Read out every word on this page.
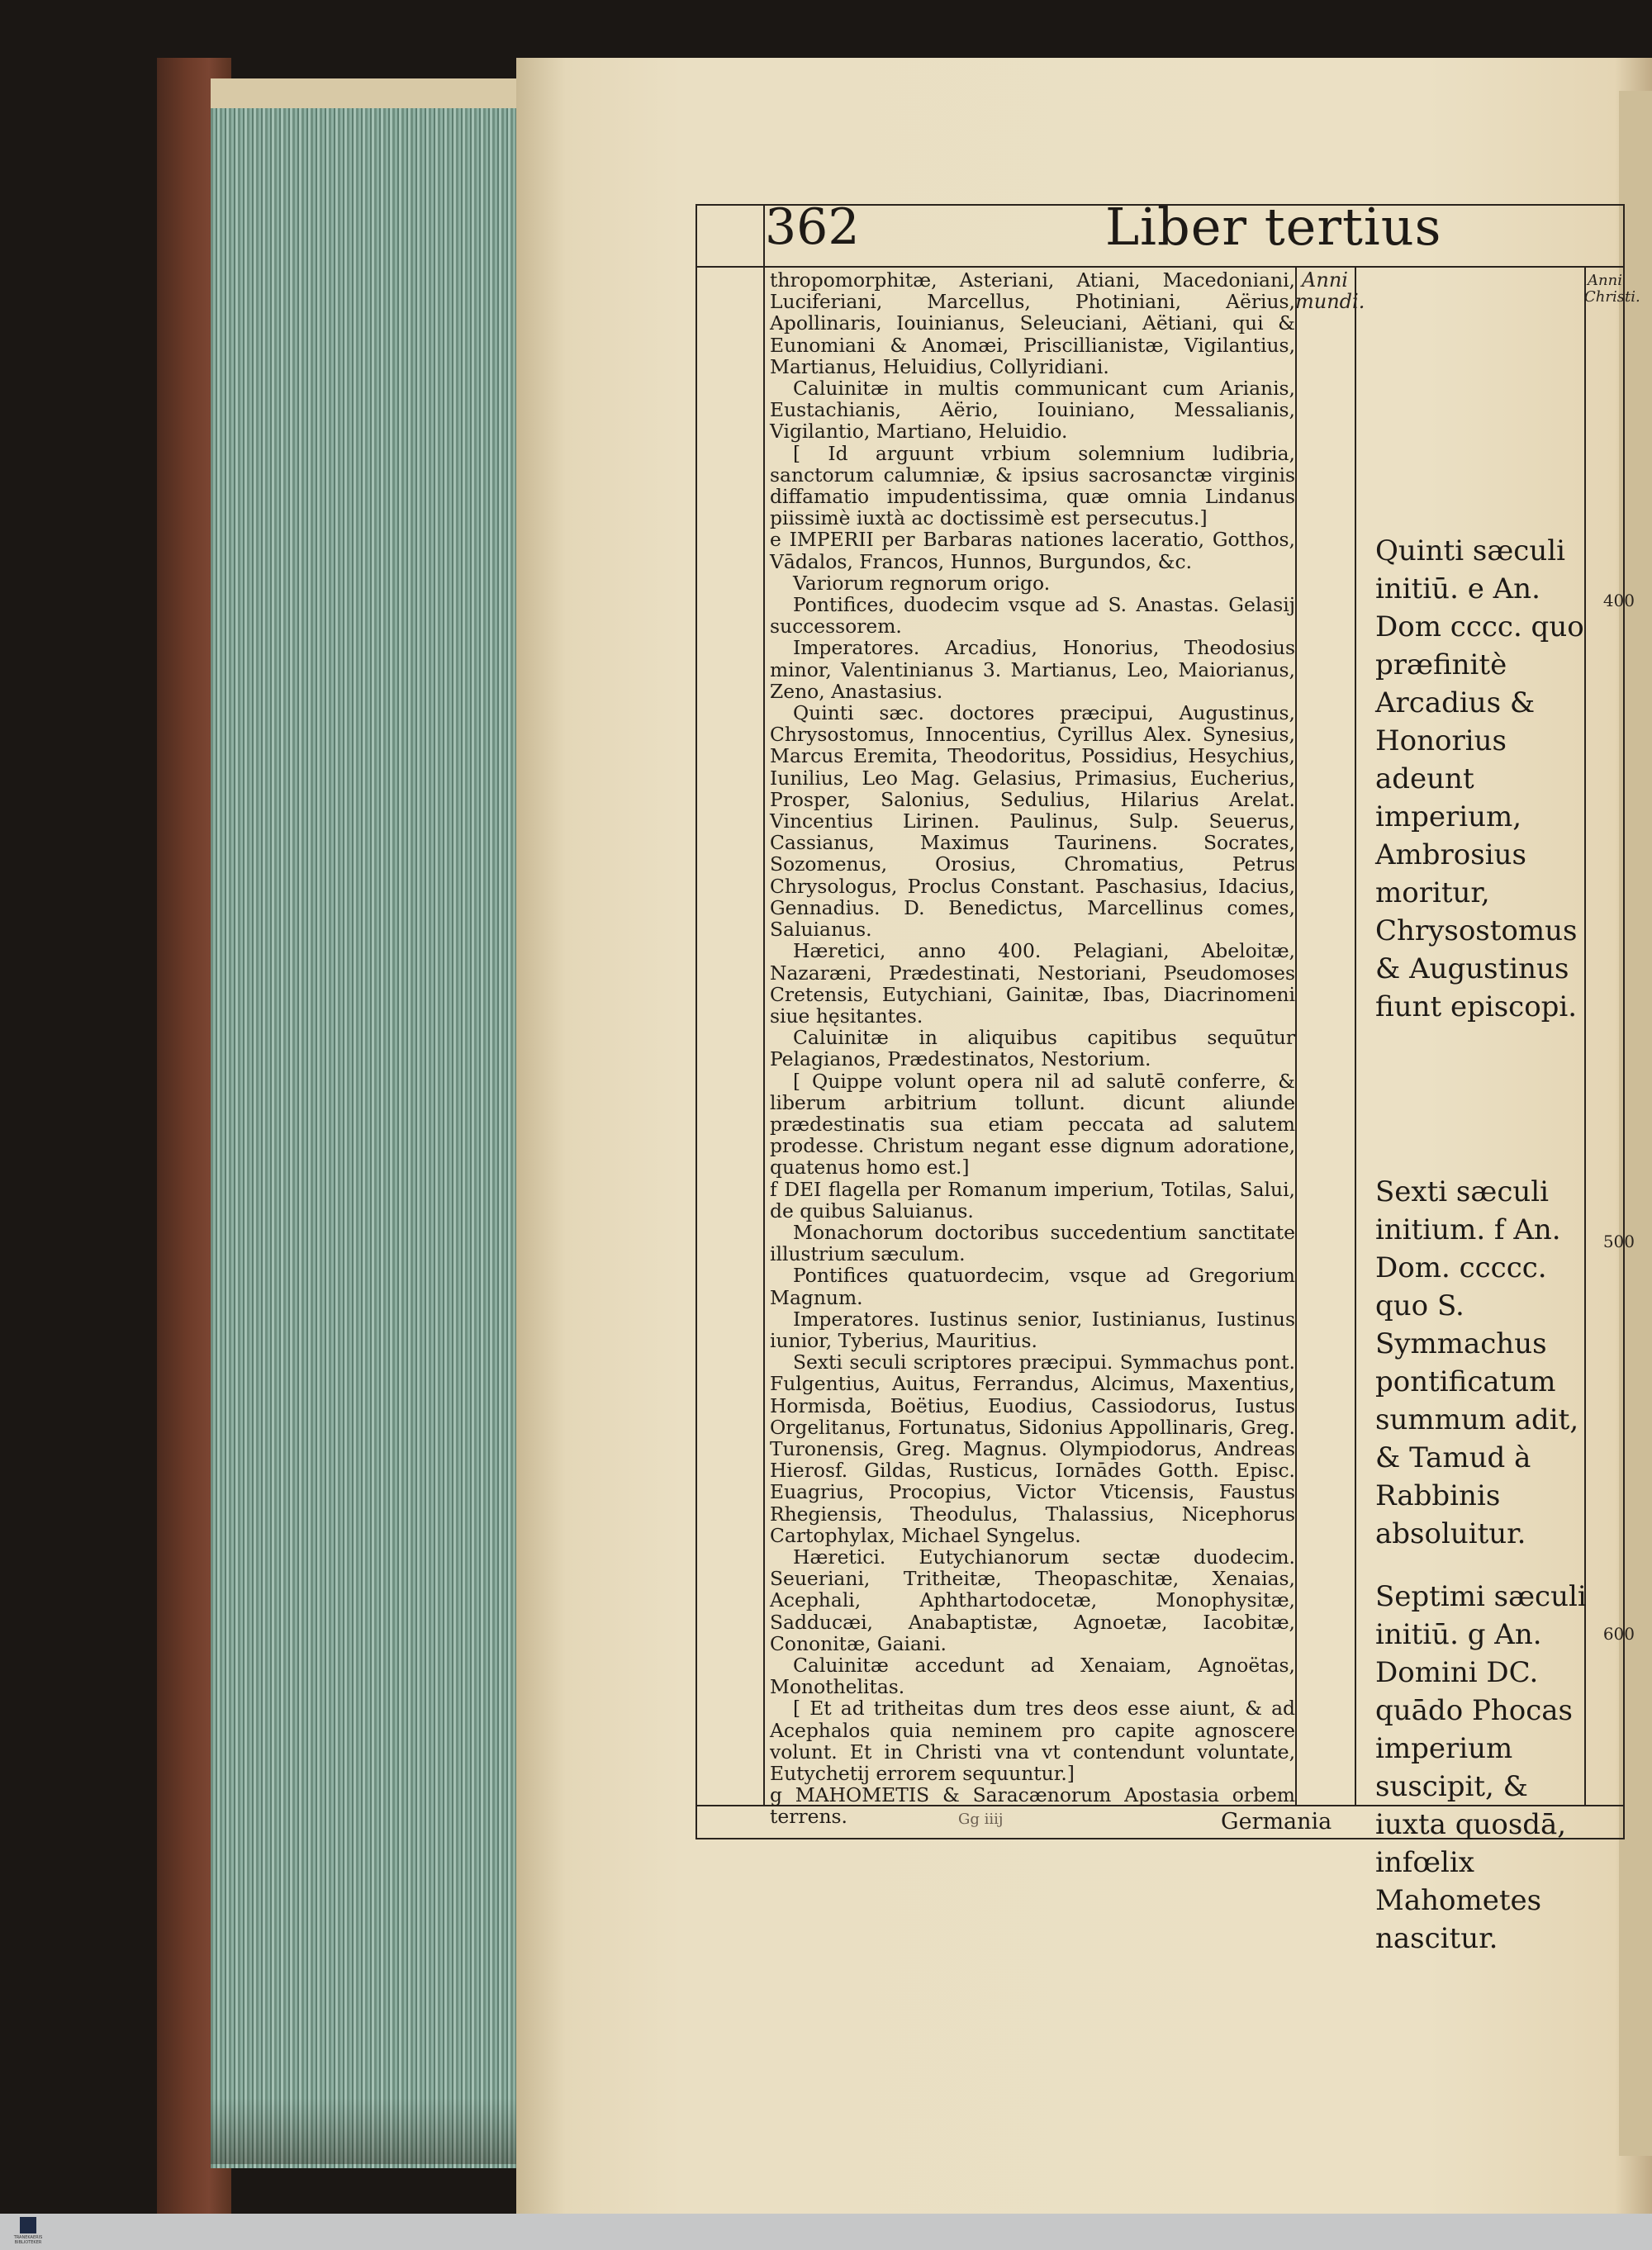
362	Liber tertius
Anni mundi.
Anni Christi.

thropomorphitæ, Asteriani, Atiani, Macedoniani, Luciferiani, Marcellus, Photiniani, Aërius, Apollinaris, Iouinianus, Seleuciani, Aëtiani, qui & Eunomiani & Anomæi, Priscillianistæ, Vigilantius, Martianus, Heluidius, Collyridiani.

Caluinitæ in multis communicant cum Arianis, Eustachianis, Aërio, Iouiniano, Messalianis, Vigilantio, Martiano, Heluidio.

[ Id arguunt vrbium solemnium ludibria, sanctorum calumniæ, & ipsius sacrosanctæ virginis diffamatio impudentissima, quæ omnia Lindanus piissimè iuxtà ac doctissimè est persecutus.]

e IMPERII per Barbaras nationes laceratio, Gotthos, Vādalos, Francos, Hunnos, Burgundos, &c.

Variorum regnorum origo.

Pontifices, duodecim vsque ad S. Anastas. Gelasij successorem.

Imperatores. Arcadius, Honorius, Theodosius minor, Valentinianus 3. Martianus, Leo, Maiorianus, Zeno, Anastasius.

Quinti sæc. doctores præcipui, Augustinus, Chrysostomus, Innocentius, Cyrillus Alex. Synesius, Marcus Eremita, Theodoritus, Possidius, Hesychius, Iunilius, Leo Mag. Gelasius, Primasius, Eucherius, Prosper, Salonius, Sedulius, Hilarius Arelat. Vincentius Lirinen. Paulinus, Sulp. Seuerus, Cassianus, Maximus Taurinens. Socrates, Sozomenus, Orosius, Chromatius, Petrus Chrysologus, Proclus Constant. Paschasius, Idacius, Gennadius. D. Benedictus, Marcellinus comes, Saluianus.

Hæretici, anno 400. Pelagiani, Abeloitæ, Nazaræni, Prædestinati, Nestoriani, Pseudomoses Cretensis, Eutychiani, Gainitæ, Ibas, Diacrinomeni siue hęsitantes.

Caluinitæ in aliquibus capitibus sequūtur Pelagianos, Prædestinatos, Nestorium.

[ Quippe volunt opera nil ad salutē conferre, & liberum arbitrium tollunt. dicunt aliunde prædestinatis sua etiam peccata ad salutem prodesse. Christum negant esse dignum adoratione, quatenus homo est.]

f DEI flagella per Romanum imperium, Totilas, Salui, de quibus Saluianus.

Monachorum doctoribus succedentium sanctitate illustrium sæculum.

Pontifices quatuordecim, vsque ad Gregorium Magnum.

Imperatores. Iustinus senior, Iustinianus, Iustinus iunior, Tyberius, Mauritius.

Sexti seculi scriptores præcipui. Symmachus pont. Fulgentius, Auitus, Ferrandus, Alcimus, Maxentius, Hormisda, Boëtius, Euodius, Cassiodorus, Iustus Orgelitanus, Fortunatus, Sidonius Appollinaris, Greg. Turonensis, Greg. Magnus. Olympiodorus, Andreas Hierosf. Gildas, Rusticus, Iornādes Gotth. Episc. Euagrius, Procopius, Victor Vticensis, Faustus Rhegiensis, Theodulus, Thalassius, Nicephorus Cartophylax, Michael Syngelus.

Hæretici. Eutychianorum sectæ duodecim. Seueriani, Tritheitæ, Theopaschitæ, Xenaias, Acephali, Aphthartodocetæ, Monophysitæ, Sadducæi, Anabaptistæ, Agnoetæ, Iacobitæ, Cononitæ, Gaiani.

Caluinitæ accedunt ad Xenaiam, Agnoëtas, Monothelitas.

[ Et ad tritheitas dum tres deos esse aiunt, & ad Acephalos quia neminem pro capite agnoscere volunt. Et in Christi vna vt contendunt voluntate, Eutychetij errorem sequuntur.]

g MAHOMETIS & Saracænorum Apostasia orbem terrens.

Quinti sæculi initiū. e An. Dom cccc. quo præfinitè Arcadius & Honorius adeunt imperium, Ambrosius moritur, Chrysostomus & Augustinus fiunt episcopi.
400
Sexti sæculi initium. f An. Dom. ccccc. quo S. Symmachus pontificatum summum adit, & Tamud à Rabbinis absoluitur.
500
Septimi sæculi initiū. g An. Domini DC. quādo Phocas imperium suscipit, & iuxta quosdā, infœlix Mahometes nascitur.
600
Gg iiij	Germania
TRANEKAERIS BIBLIOTEKER
